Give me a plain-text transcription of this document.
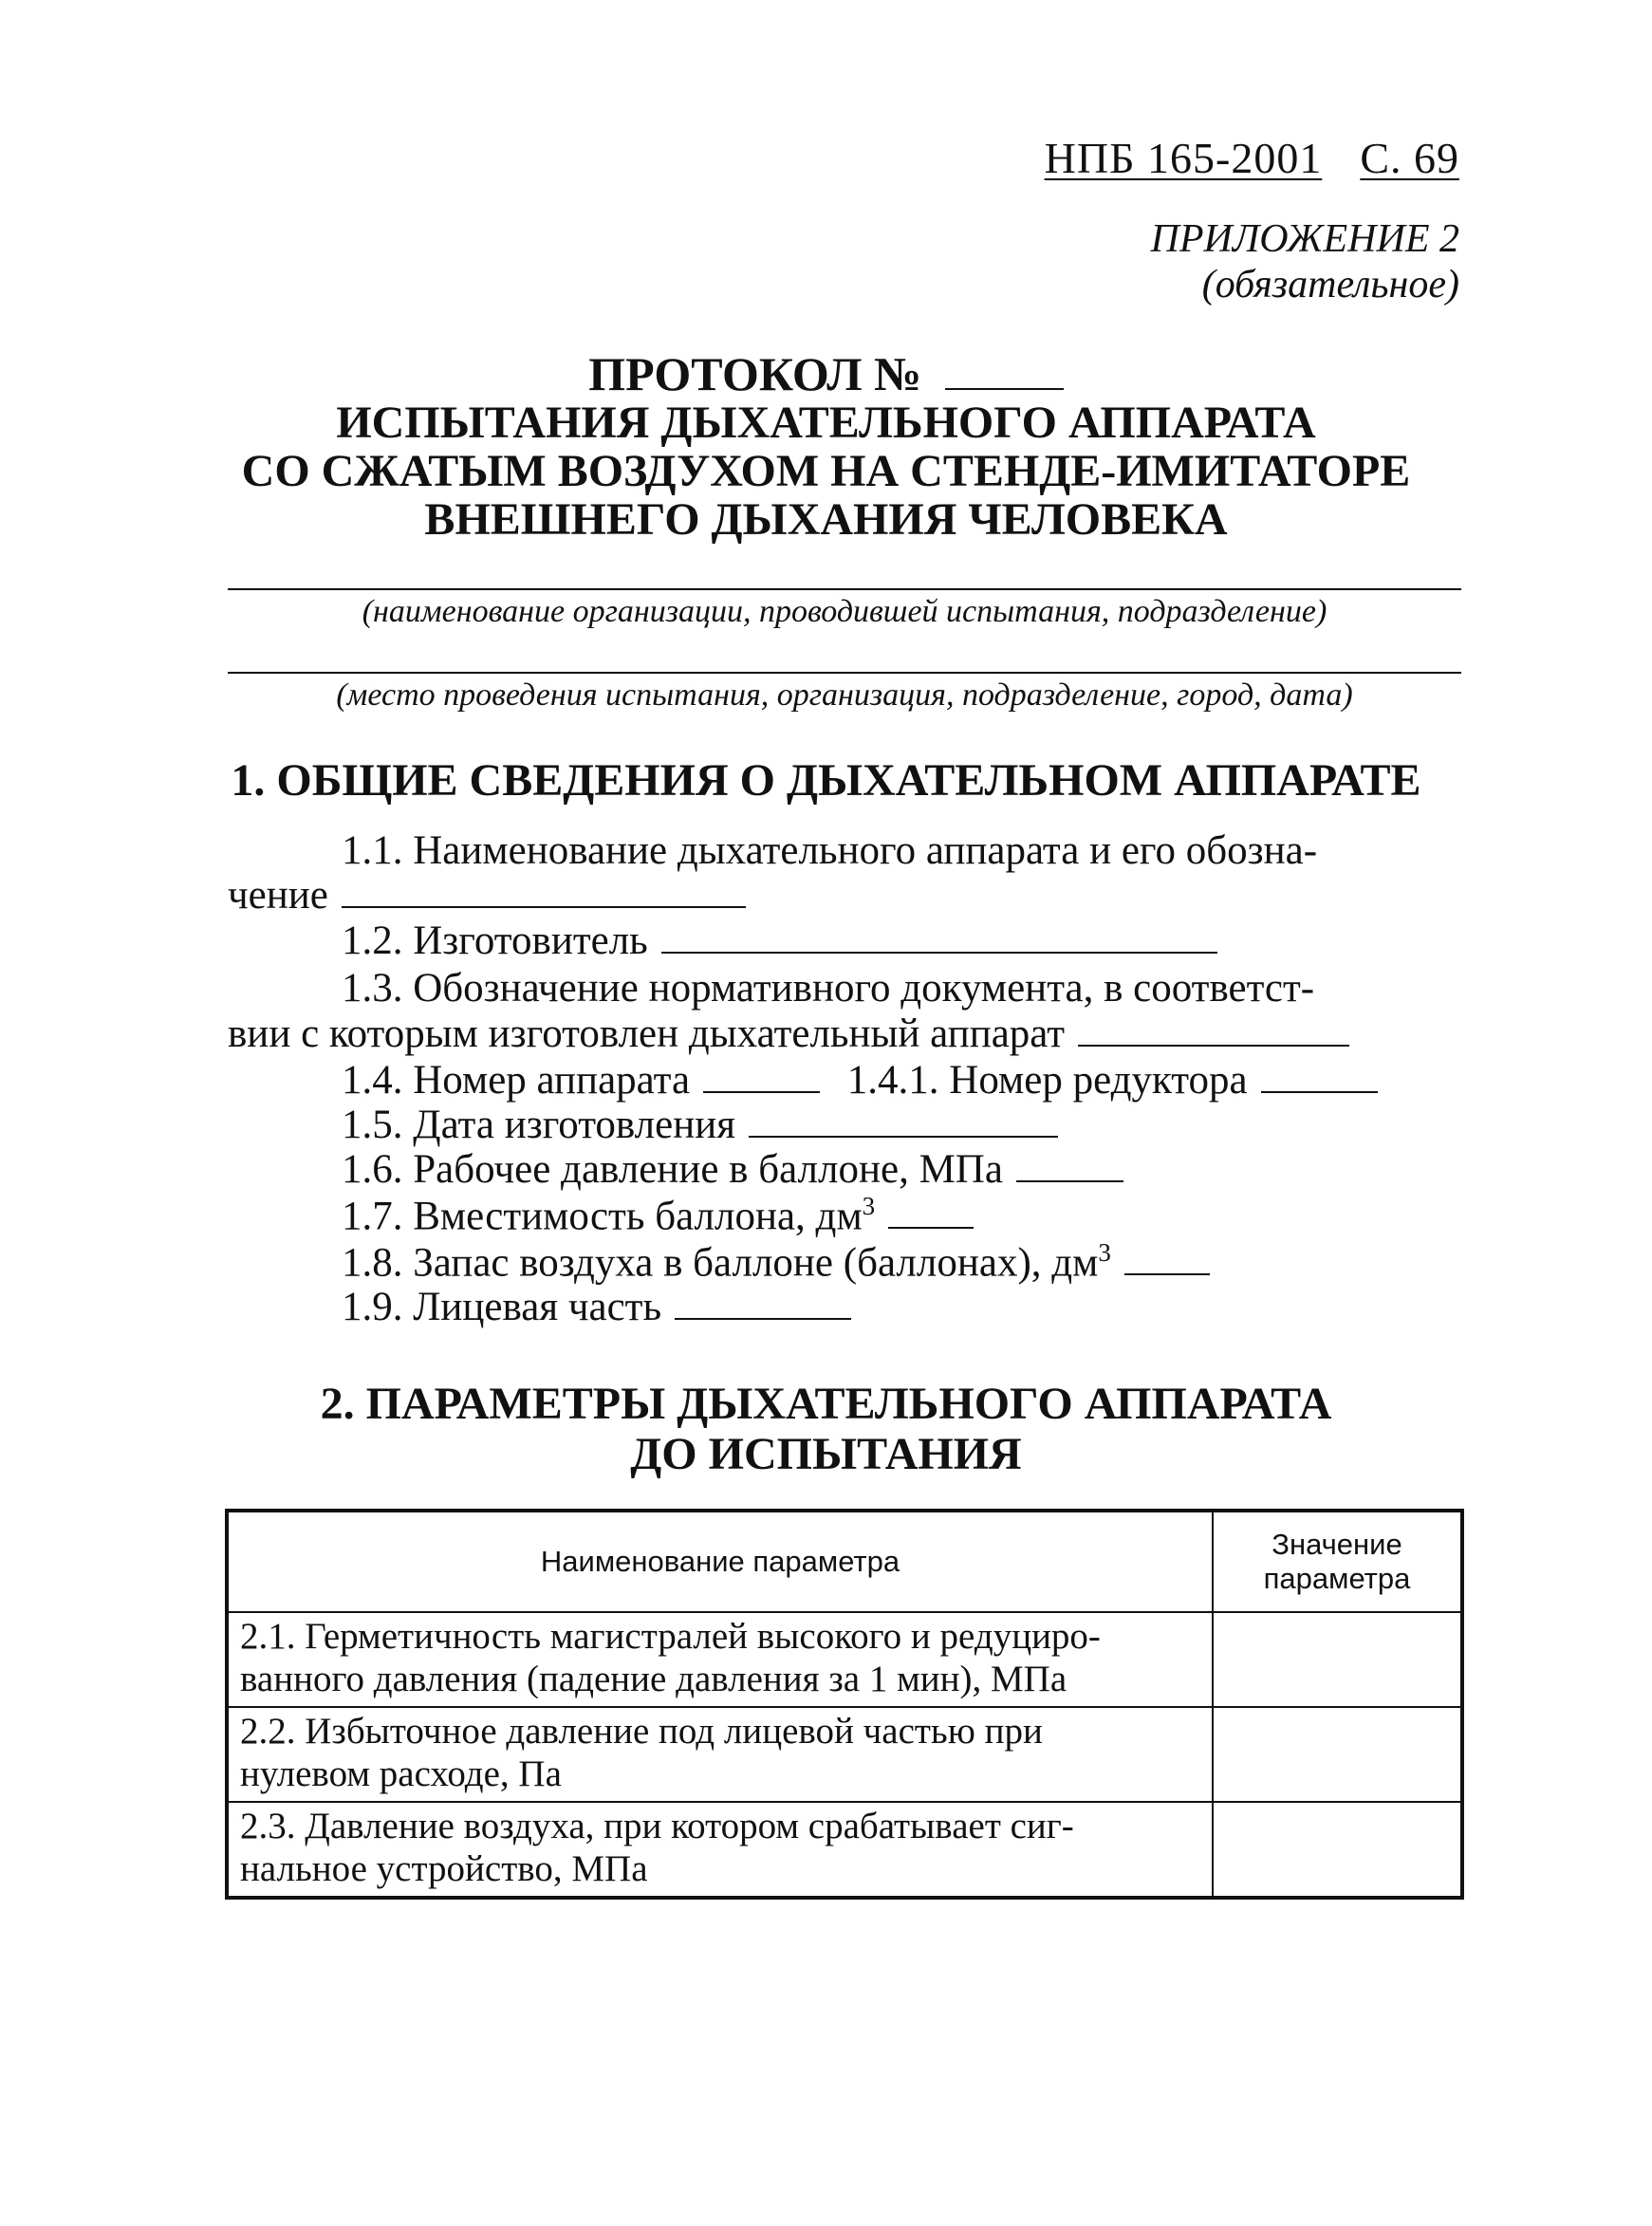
НПБ 165-2001 С. 69
ПРИЛОЖЕНИЕ 2
(обязательное)
ПРОТОКОЛ №
ИСПЫТАНИЯ ДЫХАТЕЛЬНОГО АППАРАТА
СО СЖАТЫМ ВОЗДУХОМ НА СТЕНДЕ-ИМИТАТОРЕ
ВНЕШНЕГО ДЫХАНИЯ ЧЕЛОВЕКА
(наименование организации, проводившей испытания, подразделение)
(место проведения испытания, организация, подразделение, город, дата)
1. ОБЩИЕ СВЕДЕНИЯ О ДЫХАТЕЛЬНОМ АППАРАТЕ
1.1. Наименование дыхательного аппарата и его обозна-
чение
1.2. Изготовитель
1.3. Обозначение нормативного документа, в соответст-
вии с которым изготовлен дыхательный аппарат
1.4. Номер аппарата	1.4.1. Номер редуктора
1.5. Дата изготовления
1.6. Рабочее давление в баллоне, МПа
1.7. Вместимость баллона, $дм^3$
1.8. Запас воздуха в баллоне (баллонах), $дм^3$
1.9. Лицевая часть
2. ПАРАМЕТРЫ ДЫХАТЕЛЬНОГО АППАРАТА
ДО ИСПЫТАНИЯ
Наименование параметра	Значение
параметра

2.1. Герметичность магистралей высокого и редуциро-
ванного давления (падение давления за 1 мин), МПа	

2.2. Избыточное давление под лицевой частью при
нулевом расходе, Па	

2.3. Давление воздуха, при котором срабатывает сиг-
нальное устройство, МПа	
